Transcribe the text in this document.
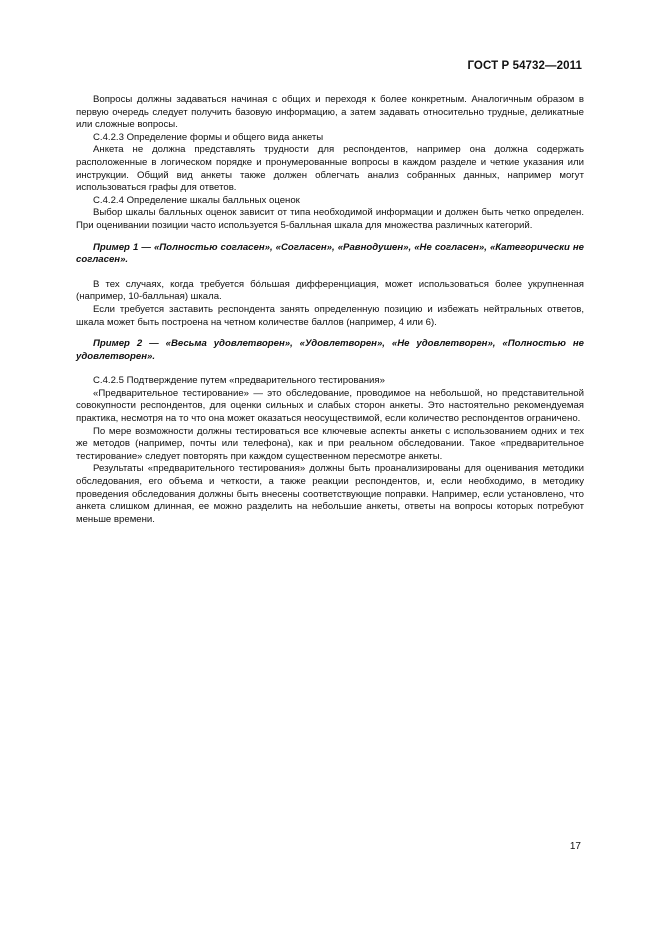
ГОСТ Р 54732—2011

Вопросы должны задаваться начиная с общих и переходя к более конкретным. Аналогичным образом в первую очередь следует получить базовую информацию, а затем задавать относительно трудные, деликатные или сложные вопросы.

С.4.2.3 Определение формы и общего вида анкеты

Анкета не должна представлять трудности для респондентов, например она должна содержать расположенные в логическом порядке и пронумерованные вопросы в каждом разделе и четкие указания или инструкции. Общий вид анкеты также должен облегчать анализ собранных данных, например могут использоваться графы для ответов.

С.4.2.4 Определение шкалы балльных оценок

Выбор шкалы балльных оценок зависит от типа необходимой информации и должен быть четко определен. При оценивании позиции часто используется 5-балльная шкала для множества различных категорий.

Пример 1 — «Полностью согласен», «Согласен», «Равнодушен», «Не согласен», «Категорически не согласен».

В тех случаях, когда требуется бóльшая дифференциация, может использоваться более укрупненная (например, 10-балльная) шкала.

Если требуется заставить респондента занять определенную позицию и избежать нейтральных ответов, шкала может быть построена на четном количестве баллов (например, 4 или 6).

Пример 2 — «Весьма удовлетворен», «Удовлетворен», «Не удовлетворен», «Полностью не удовлетворен».

С.4.2.5 Подтверждение путем «предварительного тестирования»

«Предварительное тестирование» — это обследование, проводимое на небольшой, но представительной совокупности респондентов, для оценки сильных и слабых сторон анкеты. Это настоятельно рекомендуемая практика, несмотря на то что она может оказаться неосуществимой, если количество респондентов ограничено.

По мере возможности должны тестироваться все ключевые аспекты анкеты с использованием одних и тех же методов (например, почты или телефона), как и при реальном обследовании. Такое «предварительное тестирование» следует повторять при каждом существенном пересмотре анкеты.

Результаты «предварительного тестирования» должны быть проанализированы для оценивания методики обследования, его объема и четкости, а также реакции респондентов, и, если необходимо, в методику проведения обследования должны быть внесены соответствующие поправки. Например, если установлено, что анкета слишком длинная, ее можно разделить на небольшие анкеты, ответы на вопросы которых потребуют меньше времени.

17
